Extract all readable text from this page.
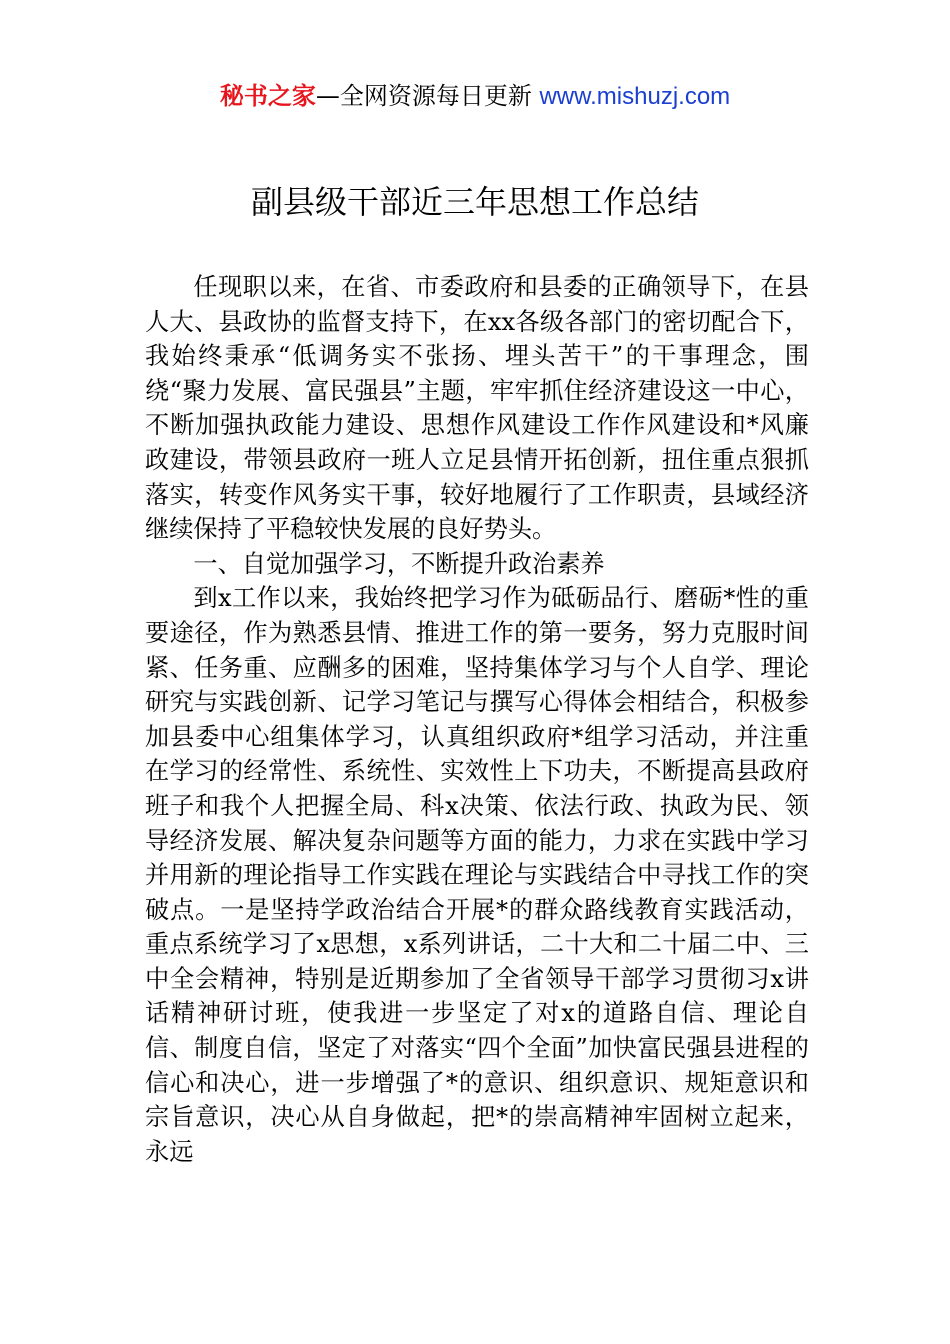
秘书之家—全网资源每日更新 www.mishuzj.com
副县级干部近三年思想工作总结

任现职以来，在省、市委政府和县委的正确领导下，在县人大、县政协的监督支持下，在xx各级各部门的密切配合下，我始终秉承“低调务实不张扬、埋头苦干”的干事理念，围绕“聚力发展、富民强县”主题，牢牢抓住经济建设这一中心，不断加强执政能力建设、思想作风建设工作作风建设和*风廉政建设，带领县政府一班人立足县情开拓创新，扭住重点狠抓落实，转变作风务实干事，较好地履行了工作职责，县域经济继续保持了平稳较快发展的良好势头。

一、自觉加强学习，不断提升政治素养

到x工作以来，我始终把学习作为砥砺品行、磨砺*性的重要途径，作为熟悉县情、推进工作的第一要务，努力克服时间紧、任务重、应酬多的困难，坚持集体学习与个人自学、理论研究与实践创新、记学习笔记与撰写心得体会相结合，积极参加县委中心组集体学习，认真组织政府*组学习活动，并注重在学习的经常性、系统性、实效性上下功夫，不断提高县政府班子和我个人把握全局、科x决策、依法行政、执政为民、领导经济发展、解决复杂问题等方面的能力，力求在实践中学习并用新的理论指导工作实践在理论与实践结合中寻找工作的突破点。一是坚持学政治结合开展*的群众路线教育实践活动，重点系统学习了x思想，x系列讲话，二十大和二十届二中、三中全会精神，特别是近期参加了全省领导干部学习贯彻习x讲话精神研讨班，使我进一步坚定了对x的道路自信、理论自信、制度自信，坚定了对落实“四个全面”加快富民强县进程的信心和决心，进一步增强了*的意识、组织意识、规矩意识和宗旨意识，决心从自身做起，把*的崇高精神牢固树立起来，永远
